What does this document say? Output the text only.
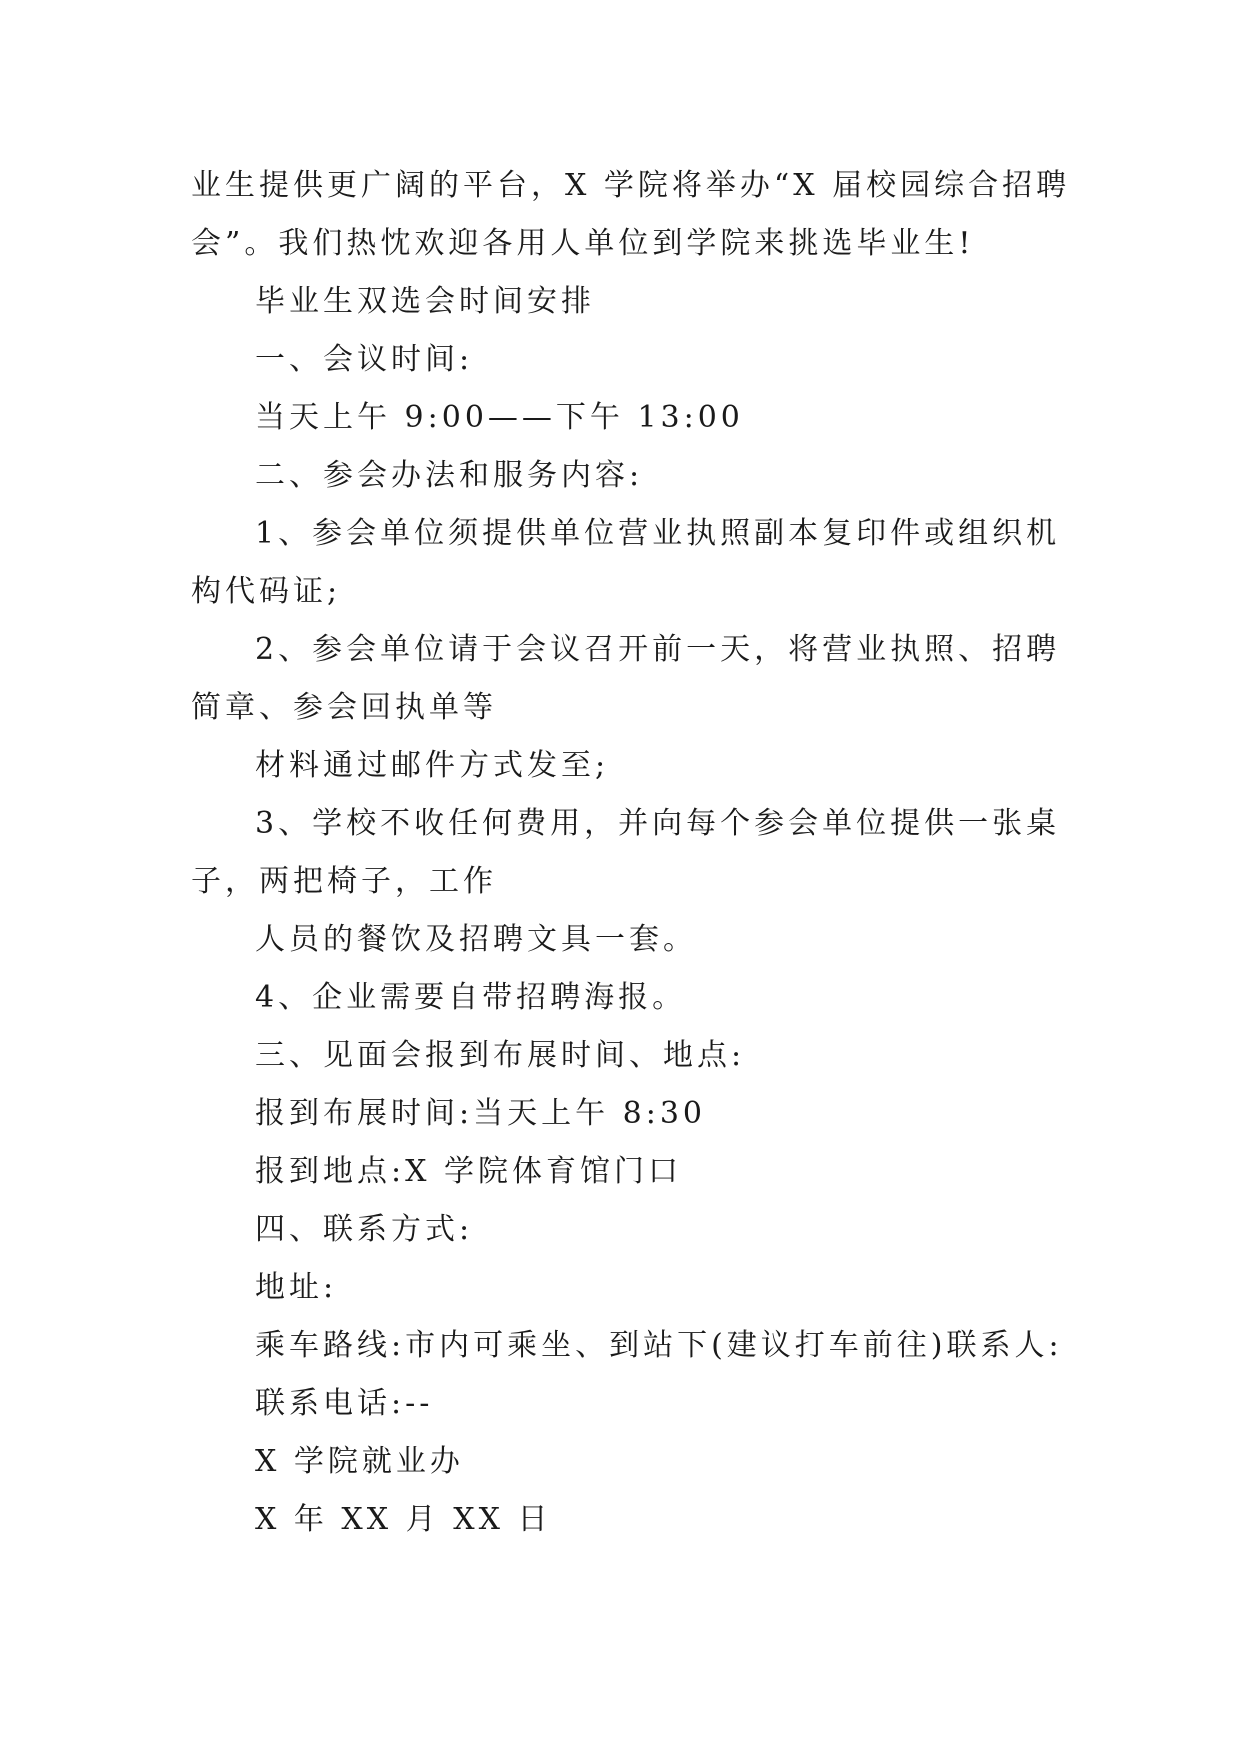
业生提供更广阔的平台，X 学院将举办“X 届校园综合招聘
会”。我们热忱欢迎各用人单位到学院来挑选毕业生!
毕业生双选会时间安排
一、会议时间:
当天上午 9:00——下午 13:00
二、参会办法和服务内容:
1、参会单位须提供单位营业执照副本复印件或组织机
构代码证;
2、参会单位请于会议召开前一天，将营业执照、招聘
简章、参会回执单等
材料通过邮件方式发至;
3、学校不收任何费用，并向每个参会单位提供一张桌
子，两把椅子，工作
人员的餐饮及招聘文具一套。
4、企业需要自带招聘海报。
三、见面会报到布展时间、地点:
报到布展时间:当天上午 8:30
报到地点:X 学院体育馆门口
四、联系方式:
地址:
乘车路线:市内可乘坐、到站下(建议打车前往)联系人:
联系电话:--
X 学院就业办
X 年 XX 月 XX 日
